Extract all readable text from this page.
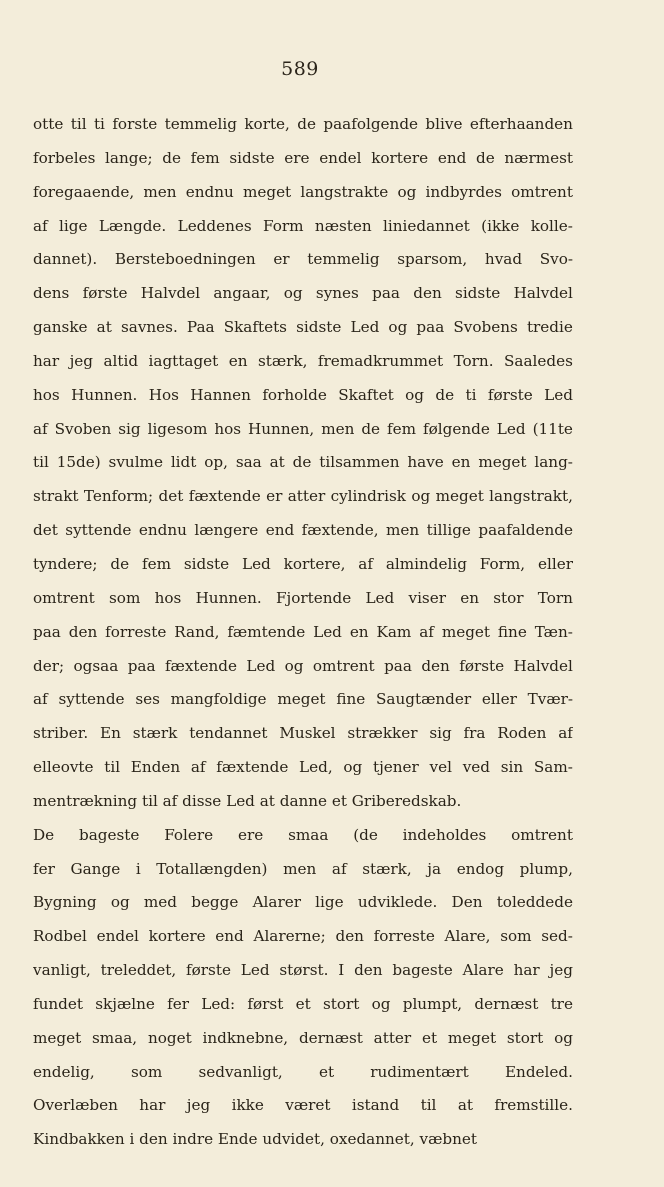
589
otte til ti forste temmelig korte, de paafolgende blive efterhaanden
forbeles lange; de fem sidste ere endel kortere end de nærmest
foregaaende, men endnu meget langstrakte og indbyrdes omtrent
af lige Længde. Leddenes Form næsten liniedannet (ikke kolle-
dannet). Bersteboedningen er temmelig sparsom, hvad Svo-
dens første Halvdel angaar, og synes paa den sidste Halvdel
ganske at savnes. Paa Skaftets sidste Led og paa Svobens tredie
har jeg altid iagttaget en stærk, fremadkrummet Torn. Saaledes
hos Hunnen. Hos Hannen forholde Skaftet og de ti første Led
af Svoben sig ligesom hos Hunnen, men de fem følgende Led (11te
til 15de) svulme lidt op, saa at de tilsammen have en meget lang-
strakt Tenform; det fæxtende er atter cylindrisk og meget langstrakt,
det syttende endnu længere end fæxtende, men tillige paafaldende
tyndere; de fem sidste Led kortere, af almindelig Form, eller
omtrent som hos Hunnen. Fjortende Led viser en stor Torn
paa den forreste Rand, fæmtende Led en Kam af meget fine Tæn-
der; ogsaa paa fæxtende Led og omtrent paa den første Halvdel
af syttende ses mangfoldige meget fine Saugtænder eller Tvær-
striber. En stærk tendannet Muskel strækker sig fra Roden af
elleovte til Enden af fæxtende Led, og tjener vel ved sin Sam-
mentrækning til af disse Led at danne et Griberedskab.
De bageste Folere ere smaa (de indeholdes omtrent
fer Gange i Totallængden) men af stærk, ja endog plump,
Bygning og med begge Alarer lige udviklede. Den toleddede
Rodbel endel kortere end Alarerne; den forreste Alare, som sed-
vanligt, treleddet, første Led størst. I den bageste Alare har jeg
fundet skjælne fer Led: først et stort og plumpt, dernæst tre
meget smaa, noget indknebne, dernæst atter et meget stort og
endelig, som sedvanligt, et rudimentært Endeled.
Overlæben har jeg ikke været istand til at fremstille.
Kindbakken i den indre Ende udvidet, oxedannet, væbnet
